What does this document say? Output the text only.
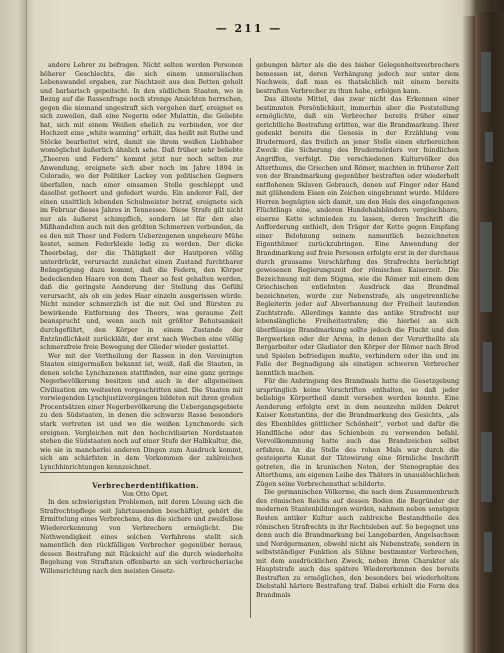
— 211 —

andere Lehrer zu befragen. Nicht selten werden Personen höherer Geschlechts, die sich einem unmoralischen Lebenswandel ergaben, zur Nachtzeit aus den Betten geholt und barbarisch gepeitscht. In den südlichen Staaten, wo in Bezug auf die Rassenfrage noch strenge Ansichten herrschen, gegen die niemand ungestraft sich vergehen darf, ereignet es sich zuweilen, daß eine Negerin oder Mulattin, die Geliebte hat, sich mit einem Weißen ehelich zu verbinden, vor der Hochzeit eine „white wanning“ erhält, das heißt mit Ruthe und Stöcke bearbeitet wird, damit sie ihrem weißen Liebhaber womöglichst äußerlich ähnlich sehe. Daß früher sehr beliebte „Theeren und Federn“ kommt jetzt nur noch selten zur Anwendung, ereignete sich aber noch im Jahre 1894 in Colorado, wo der Politiker Lackey von politischen Gegnern überfallen, nach einer einsamen Stelle geschleppt und daselbst getheert und gefedert wurde. Ein anderer Fall, der einen unsittlich lebenden Schulmeister betraf, ereignete sich im Februar dieses Jahres in Tennessee. Diese Strafe gilt nicht nur als äußerst schimpflich, sondern ist für den also Mißhandelten auch mit den größten Schmerzen verbunden, da es den mit Theer und Federn Ueberzogenen ungeheure Mühe kostet, seinen Federkleide ledig zu werden. Der dicke Theerbelag, der die Thätigkeit der Hautporen völlig unterdrückt, verursacht zunächst einen Zustand furchtbarer Beängstigung dazu kommt, daß die Federn, den Körper bedeckenden Haare von dem Theer so fest gehalten werden, daß die geringste Aenderung der Stellung das Gefühl verursacht, als ob ein jedes Haar einzeln ausgerissen würde. Nicht minder schmerzlich ist die mit Oel und Bürsten zu bewirkende Entfernung des Theers, was geraume Zeit beansprucht und, wenn auch mit größter Behutsamkeit durchgeführt, den Körper in einem Zustande der Entzündlichkeit zurückläßt, der erst nach Wochen eine völlig schmerzfreie freie Bewegung der Glieder wieder gestattet.

Wer mit der Vertheilung der Rassen in den Vereinigten Staaten einigermaßen bekannt ist, weiß, daß die Staaten, in denen solche Lynchszenen stattfinden, nur eine ganz geringe Negerbevölkerung besitzen und auch in der allgemeinen Civilisation am weitesten vorgeschritten sind. Die Staaten mit vorwiegenden Lynchjustizvorgängen bildeten mit ihren großen Procentsätzen einer Negerbevölkerung die Uebergangsgebiete zu den Südstaaten, in denen die schwarze Rasse besonders stark vertreten ist und wo die weißen Lynchmorde sich ereignen. Vergleichen mit den hochcivilisirten Nordstaaten stehen die Südstaaten noch auf einer Stufe der Halbkultur, die, wie sie in mancherlei anderen Dingen zum Ausdruck kommt, sich am schärfsten in dem Vorkommen der zahlreichen Lynchhinrichtungen kennzeichnet.

Verbrecherdentifikation.

Von Otto Opet.

In den schwierigsten Problemen, mit deren Lösung sich die Strafrechtspflege seit Jahrtausenden beschäftigt, gehört die Ermittelung eines Verbrechens, das die sichere und zweifellose Wiedererkennung von Verbrechern ermöglicht. Die Nothwendigkeit eines solchen Verfahrens stellt sich namentlich den rückfälligen Verbrecher gegenüber heraus, dessen Bestrafung mit Rücksicht auf die durch wiederholte Begehung von Straftaten offenbarte an sich verbrecherische Willensrichtung nach den meisten Gesetz-

gebungen härter als die des bisher Gelegenheitsverbrechers bemessen ist, deren Verhängung jedoch nur unter dem Nachweis, daß man es thatsächlich mit einem bereits bestraften Verbrecher zu thun habe, erfolgen kann.

Das älteste Mittel, das zwar nicht das Erkennen einer bestimmten Persönlichkeit, immerhin aber die Feststellung ermöglichte, daß ein Verbrecher bereits früher einer gerichtliche Bestrafung erlitten, war die Brandmarkung. Ihrer gedenkt bereits die Genesis in der Erzählung vom Brudermord, das freilich an jener Stelle einen ehrbereichen Zweck: die Sicherung des Brudermörders vor feindlichen Angriffen, verfolgt. Die verschiedenen Kulturvölker des Alterthums, die Griechen und Römer, machten in früherer Zeit von der Brandmarkung gegenüber bestraften oder wiederholt entflohenen Sklaven Gebrauch, denen auf Finger oder Hand mit glühendem Eisen ein Zeichen eingebrannt wurde. Mildere Herren begnügten sich damit, um den Hals des eingefangenen Flüchtlings eine, anderen Hundehalsbändern vergleichbare, eiserne Kette schmieden zu lassen, deren Inschrift die Aufforderung enthielt, den Träger der Kette gegen Empfang einer Belohnung seinem namentlich bezeichneten Eigenthümer zurückzubringen. Eine Anwendung der Brandmarkung auf freie Personen erfolgte erst in der durchaus durch grausame Verschärfung des Strafrechts berüchtigt gewesenen Regierungszeit der römischen Kaiserzeit. Die Bezeichnung mit dem Stigma, wie die Römer mit einem dem Griechischen entlehnten Ausdruck das Brandmal bezeichneten, wurde zur Nebenstrafe, als ungetrennliche Begleiterin jeder auf Abverbannung der Freiheit lautenden Zuchtstrafe. Allerdings kannte das antike Strafrecht nur lebenslängliche Freiheitsstrafen; die hierbei an sich überflüssige Brandmarkung sollte jedoch die Flucht und den Bergwerken oder der Arena, in denen der Verurtheilte als Bergarbeiter oder Gladiator den Körper der Römer nach Brod und Spielen befriedigen mußte, verhindern oder ihn und im Falle der Begnadigung als einstigen schweren Verbrecher kenntlich machen.

Für die Anbringung des Brandmals hatte die Gesetzgebung ursprünglich keine Vorschriften enthalten, so daß jeder beliebige Körpertheil damit versehen werden konnte. Eine Aenderung erfolgte erst in dem neunzehn milden Dekret Kaiser Konstantins, der die Brandmarkung des Gesichts, „als des Ebenbildes göttlicher Schönheit“, verbot und dafür die Handfläche oder das Schienbein zu verwenden befahl. Vervollkommnung hatte auch das Brandzeichen selbst erfahren. An die Stelle des rohen Mals war durch die gesteigerte Kunst der Tätowirung eine förmliche Inschrift getreten, die in kranischen Noten, der Stenographie des Alterthums, am eigenen Leibe des Thäters in unauslöschlichen Zügen seine Verbrechensthat schilderte.

Die germanischen Völkerme, die nach dem Zusammenbruch des römischen Reichs auf dessen Boden die Begründer der modernen Staatenbildungen wurden, nahmen neben sonstigen Resten antiker Kultur auch zahlreiche Bestandtheile des römischen Strafrechts in ihr Rechtsleben auf. So begegnet uns denn auch die Brandmarkung bei Langobarden, Angelsachsen und Nordgermanen, obwohl nicht als Nebenstrafe, sondern in selbstständiger Funktion als Sühne bestimmter Verbrechen, mit dem ausdrücklichen Zweck, neben ihren Charakter als Hauptstrafe auch das spätere Wiedererkennen des bereits Bestraften zu ermöglichen, den besonders bei wiederholtem Diebstahl härtere Bestrafung traf. Dabei erhielt die Form des Brandmals
